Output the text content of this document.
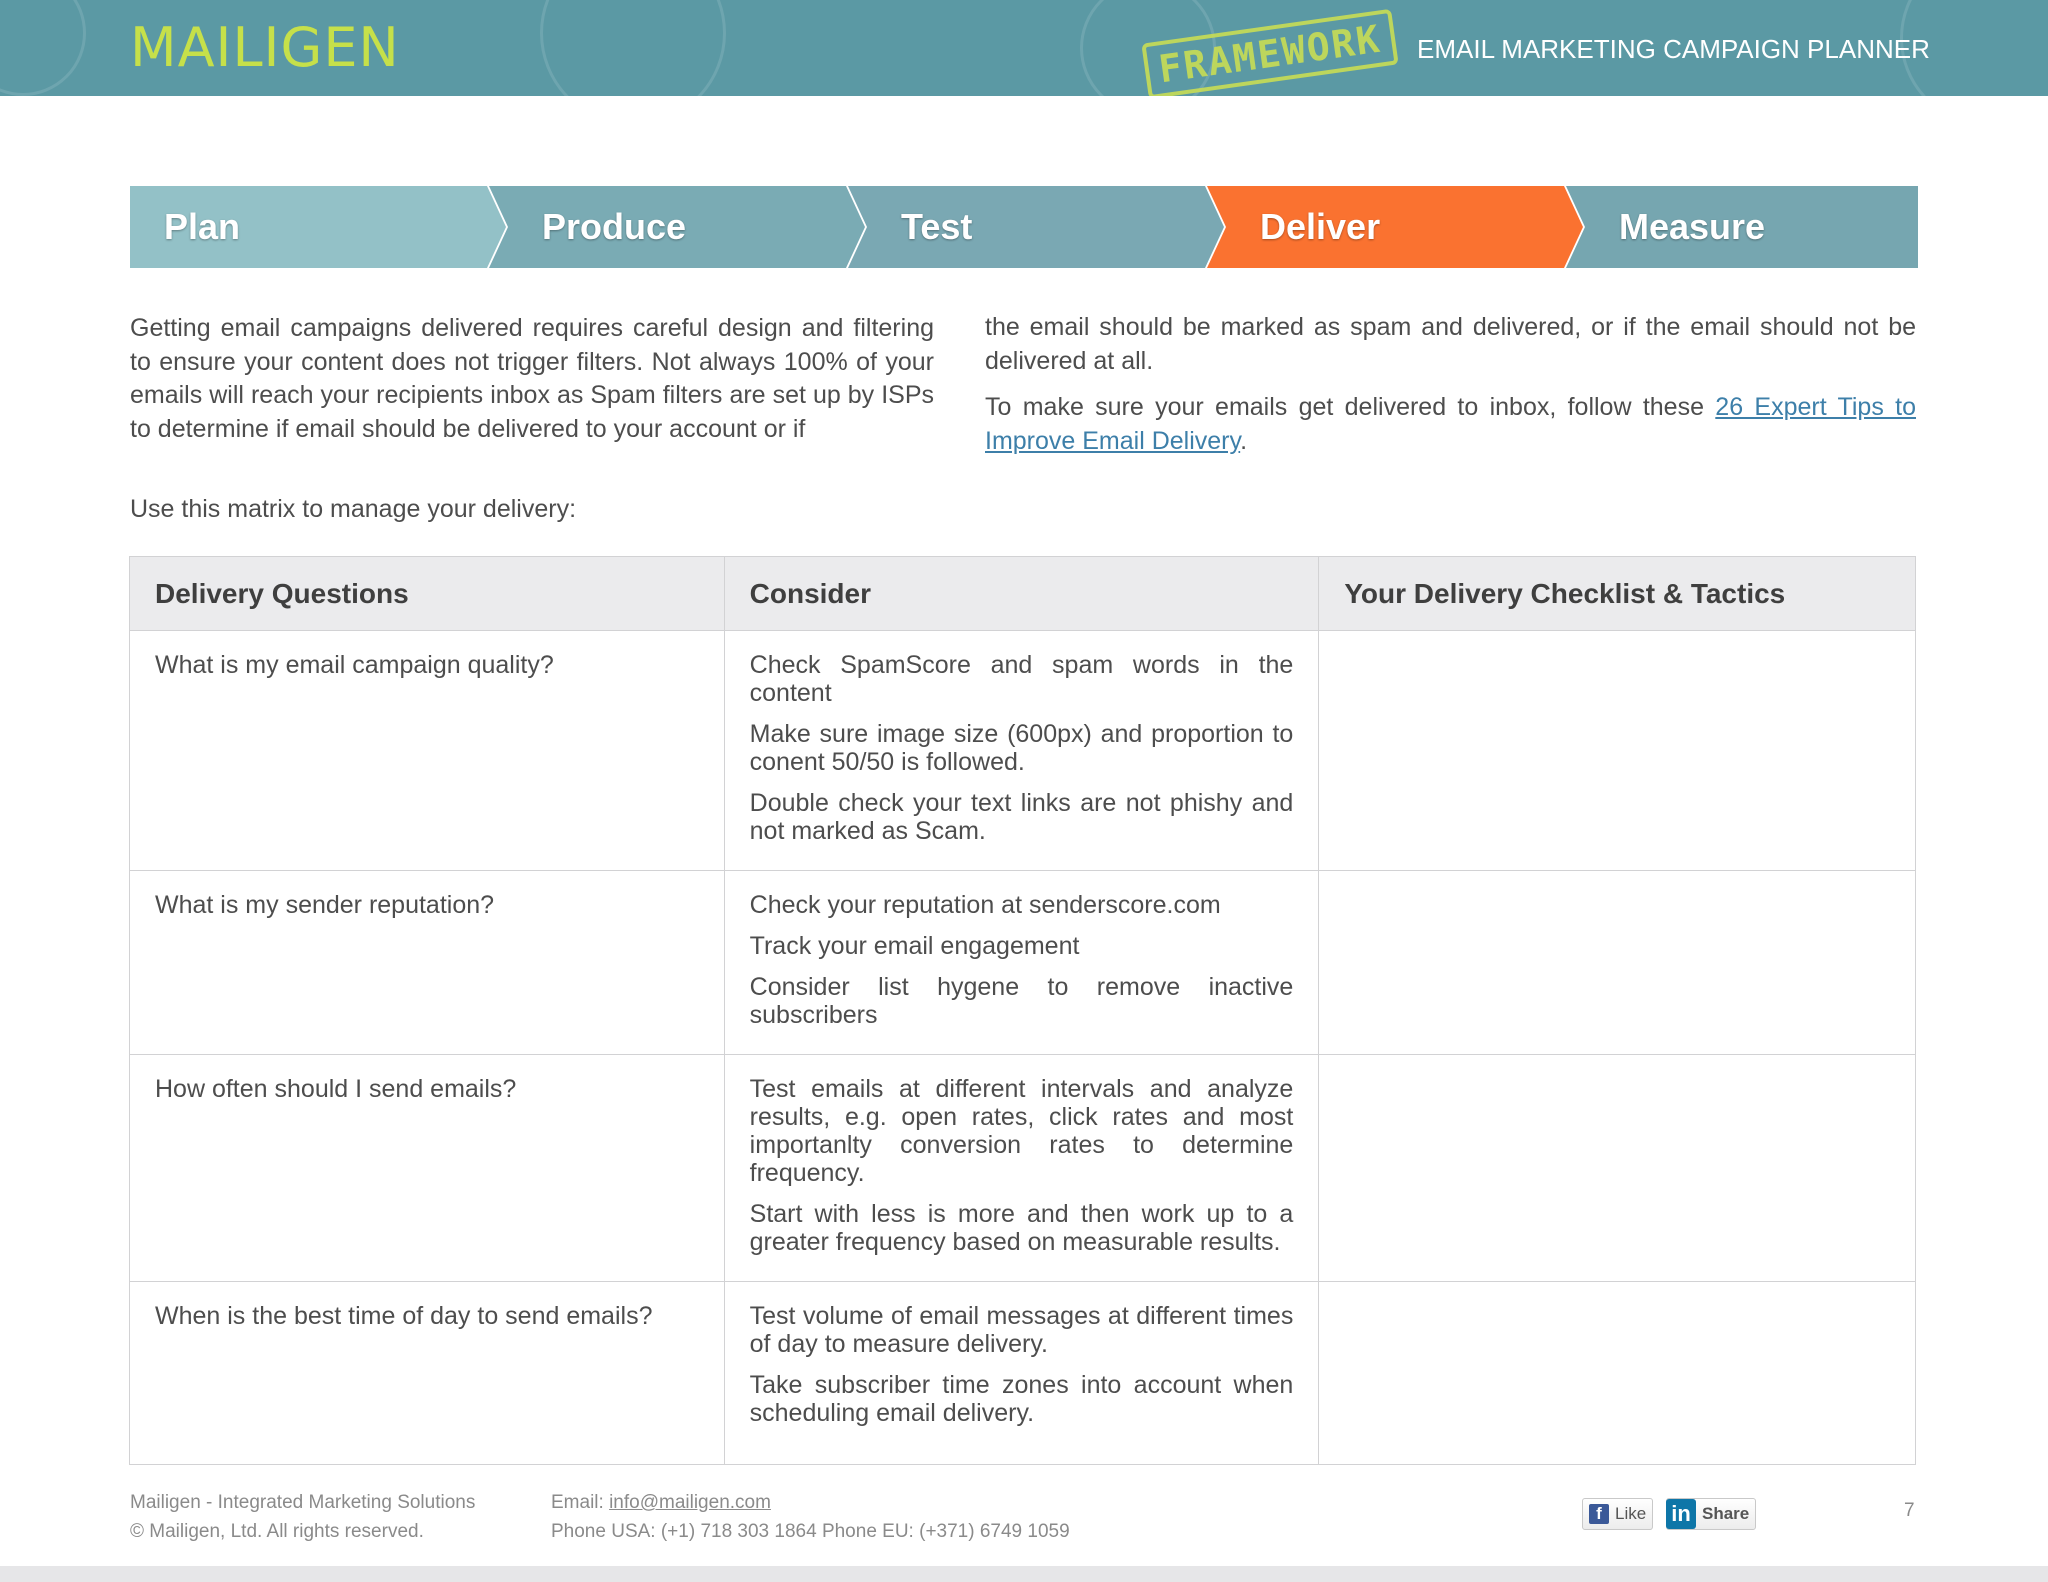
MAILIGEN	FRAMEWORK	EMAIL MARKETING CAMPAIGN PLANNER
Plan	Produce	Test	Deliver	Measure

Getting email campaigns delivered requires careful design and filtering to ensure your content does not trigger filters. Not always 100% of your emails will reach your recipients inbox as Spam filters are set up by ISPs to determine if email should be delivered to your account or if

the email should be marked as spam and delivered, or if the email should not be delivered at all.

To make sure your emails get delivered to inbox, follow these 26 Expert Tips to Improve Email Delivery.

Use this matrix to manage your delivery:
Delivery Questions	Consider	Your Delivery Checklist & Tactics
What is my email campaign quality?	Check SpamScore and spam words in the content

Make sure image size (600px) and proportion to conent 50/50 is followed.

Double check your text links are not phishy and not marked as Scam.	

What is my sender reputation?	Check your reputation at senderscore.com

Track your email engagement

Consider list hygene to remove inactive subscribers	

How often should I send emails?	Test emails at different intervals and analyze results, e.g. open rates, click rates and most importanlty conversion rates to determine frequency.

Start with less is more and then work up to a greater frequency based on measurable results.	

When is the best time of day to send emails?	Test volume of email messages at different times of day to measure delivery.

Take subscriber time zones into account when scheduling email delivery.	

Mailigen - Integrated Marketing Solutions
© Mailigen, Ltd. All rights reserved.
Email: info@mailigen.com
Phone USA: (+1) 718 303 1864 Phone EU: (+371) 6749 1059
f Like in Share	7
